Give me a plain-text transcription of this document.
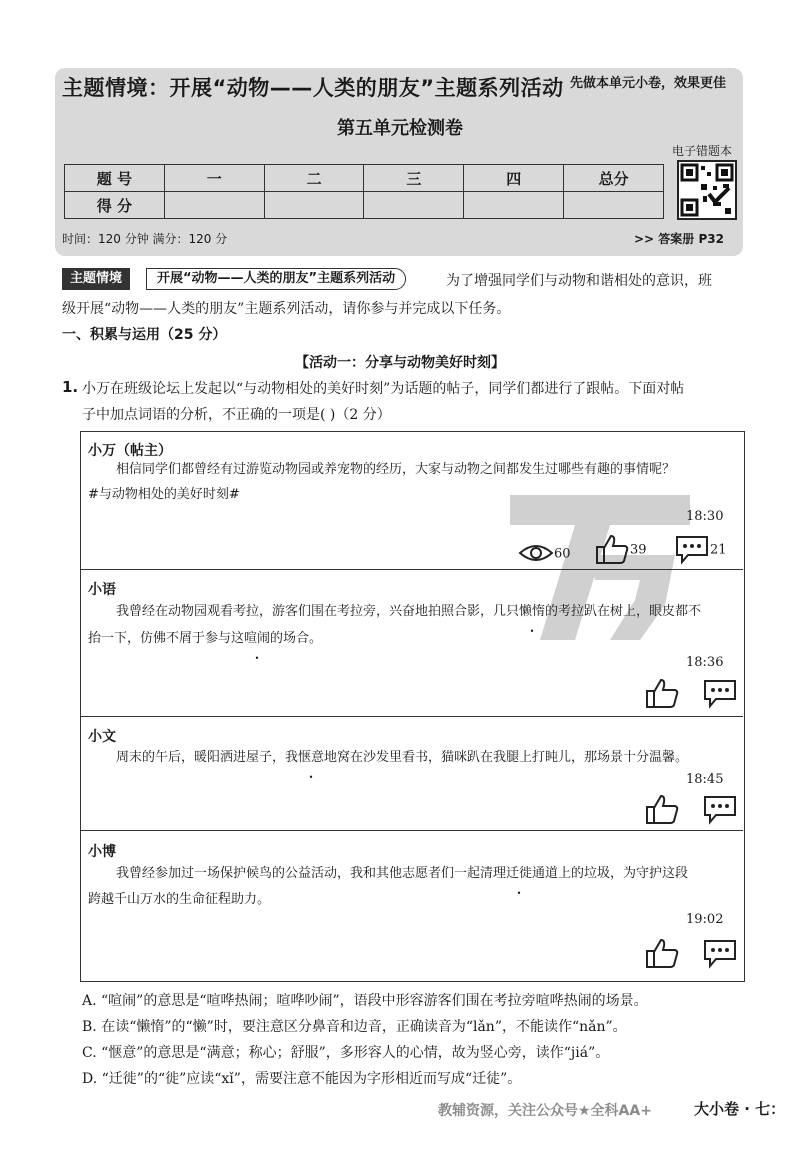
主题情境：开展“动物——人类的朋友”主题系列活动 先做本单元小卷，效果更佳
第五单元检测卷
题 号	一	二	三	四	总分
得 分					
电子错题本
时间：120 分钟 满分：120 分	>> 答案册 P32
主题情境	开展“动物——人类的朋友”主题系列活动	为了增强同学们与动物和谐相处的意识，班
级开展“动物——人类的朋友”主题系列活动，请你参与并完成以下任务。
一、积累与运用（25 分）
【活动一：分享与动物美好时刻】
1. 小万在班级论坛上发起以“与动物相处的美好时刻”为话题的帖子，同学们都进行了跟帖。下面对帖
子中加点词语的分析，不正确的一项是( )（2 分）
小万（帖主）
相信同学们都曾经有过游览动物园或养宠物的经历，大家与动物之间都发生过哪些有趣的事情呢？
#与动物相处的美好时刻#
18:30
60	39	21
小语
我曾经在动物园观看考拉，游客们围在考拉旁，兴奋地拍照合影，几只懒惰的考拉趴在树上，眼皮都不
抬一下，仿佛不屑于参与这喧闹的场合。
18:36
小文
周末的午后，暖阳洒进屋子，我惬意地窝在沙发里看书，猫咪趴在我腿上打盹儿，那场景十分温馨。
18:45
小博
我曾经参加过一场保护候鸟的公益活动，我和其他志愿者们一起清理迁徙通道上的垃圾，为守护这段
跨越千山万水的生命征程助力。
19:02
A. “喧闹”的意思是“喧哗热闹；喧哗吵闹”，语段中形容游客们围在考拉旁喧哗热闹的场景。
B. 在读“懒惰”的“懒”时，要注意区分鼻音和边音，正确读音为“lǎn”，不能读作“nǎn”。
C. “惬意”的意思是“满意；称心；舒服”，多形容人的心情，故为竖心旁，读作“jiá”。
D. “迁徙”的“徙”应读“xǐ”，需要注意不能因为字形相近而写成“迁徒”。
教辅资源，关注公众号★全科AA+	大小卷 · 七：
